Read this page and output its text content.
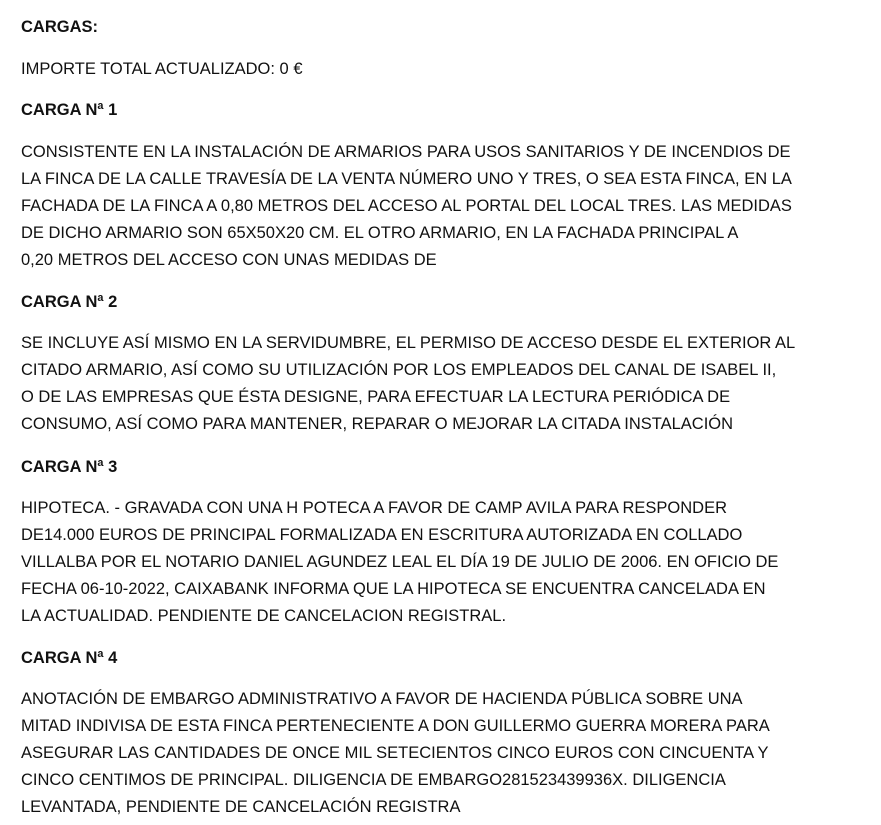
CARGAS:

IMPORTE TOTAL ACTUALIZADO: 0 €

CARGA Nª 1

CONSISTENTE EN LA INSTALACIÓN DE ARMARIOS PARA USOS SANITARIOS Y DE INCENDIOS DE
LA FINCA DE LA CALLE TRAVESÍA DE LA VENTA NÚMERO UNO Y TRES, O SEA ESTA FINCA, EN LA
FACHADA DE LA FINCA A 0,80 METROS DEL ACCESO AL PORTAL DEL LOCAL TRES. LAS MEDIDAS
DE DICHO ARMARIO SON 65X50X20 CM. EL OTRO ARMARIO, EN LA FACHADA PRINCIPAL A
0,20 METROS DEL ACCESO CON UNAS MEDIDAS DE

CARGA Nª 2

SE INCLUYE ASÍ MISMO EN LA SERVIDUMBRE, EL PERMISO DE ACCESO DESDE EL EXTERIOR AL
CITADO ARMARIO, ASÍ COMO SU UTILIZACIÓN POR LOS EMPLEADOS DEL CANAL DE ISABEL II,
O DE LAS EMPRESAS QUE ÉSTA DESIGNE, PARA EFECTUAR LA LECTURA PERIÓDICA DE
CONSUMO, ASÍ COMO PARA MANTENER, REPARAR O MEJORAR LA CITADA INSTALACIÓN

CARGA Nª 3

HIPOTECA. - GRAVADA CON UNA H POTECA A FAVOR DE CAMP AVILA PARA RESPONDER
DE14.000 EUROS DE PRINCIPAL FORMALIZADA EN ESCRITURA AUTORIZADA EN COLLADO
VILLALBA POR EL NOTARIO DANIEL AGUNDEZ LEAL EL DÍA 19 DE JULIO DE 2006. EN OFICIO DE
FECHA 06-10-2022, CAIXABANK INFORMA QUE LA HIPOTECA SE ENCUENTRA CANCELADA EN
LA ACTUALIDAD. PENDIENTE DE CANCELACION REGISTRAL.

CARGA Nª 4

ANOTACIÓN DE EMBARGO ADMINISTRATIVO A FAVOR DE HACIENDA PÚBLICA SOBRE UNA
MITAD INDIVISA DE ESTA FINCA PERTENECIENTE A DON GUILLERMO GUERRA MORERA PARA
ASEGURAR LAS CANTIDADES DE ONCE MIL SETECIENTOS CINCO EUROS CON CINCUENTA Y
CINCO CENTIMOS DE PRINCIPAL. DILIGENCIA DE EMBARGO281523439936X. DILIGENCIA
LEVANTADA, PENDIENTE DE CANCELACIÓN REGISTRA
